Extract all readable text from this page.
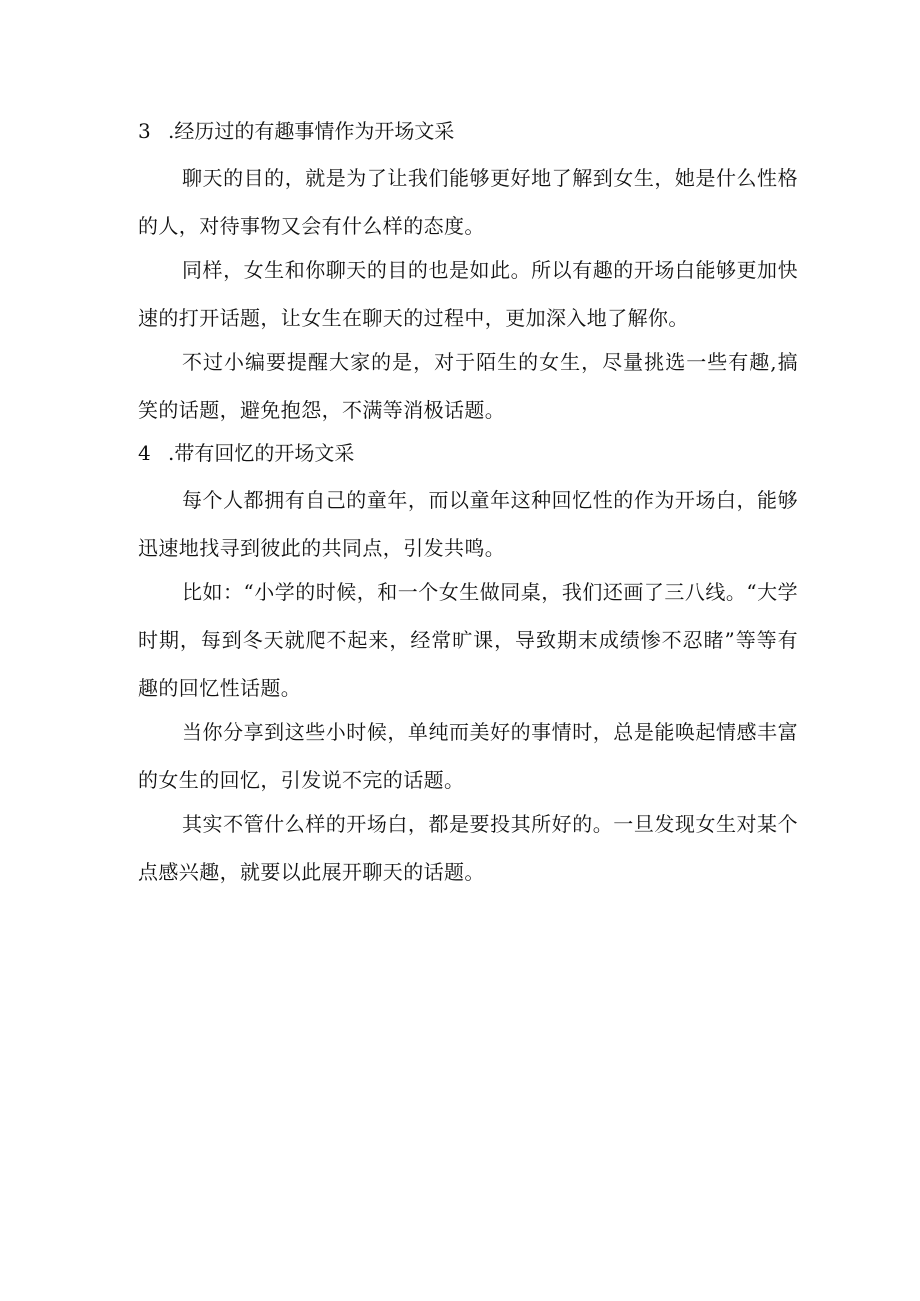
3 .经历过的有趣事情作为开场文采

聊天的目的，就是为了让我们能够更好地了解到女生，她是什么性格的人，对待事物又会有什么样的态度。

同样，女生和你聊天的目的也是如此。所以有趣的开场白能够更加快速的打开话题，让女生在聊天的过程中，更加深入地了解你。

不过小编要提醒大家的是，对于陌生的女生，尽量挑选一些有趣,搞笑的话题，避免抱怨，不满等消极话题。

4 .带有回忆的开场文采

每个人都拥有自己的童年，而以童年这种回忆性的作为开场白，能够迅速地找寻到彼此的共同点，引发共鸣。

比如：“小学的时候，和一个女生做同桌，我们还画了三八线。“大学时期，每到冬天就爬不起来，经常旷课，导致期末成绩惨不忍睹”等等有趣的回忆性话题。

当你分享到这些小时候，单纯而美好的事情时，总是能唤起情感丰富的女生的回忆，引发说不完的话题。

其实不管什么样的开场白，都是要投其所好的。一旦发现女生对某个点感兴趣，就要以此展开聊天的话题。
